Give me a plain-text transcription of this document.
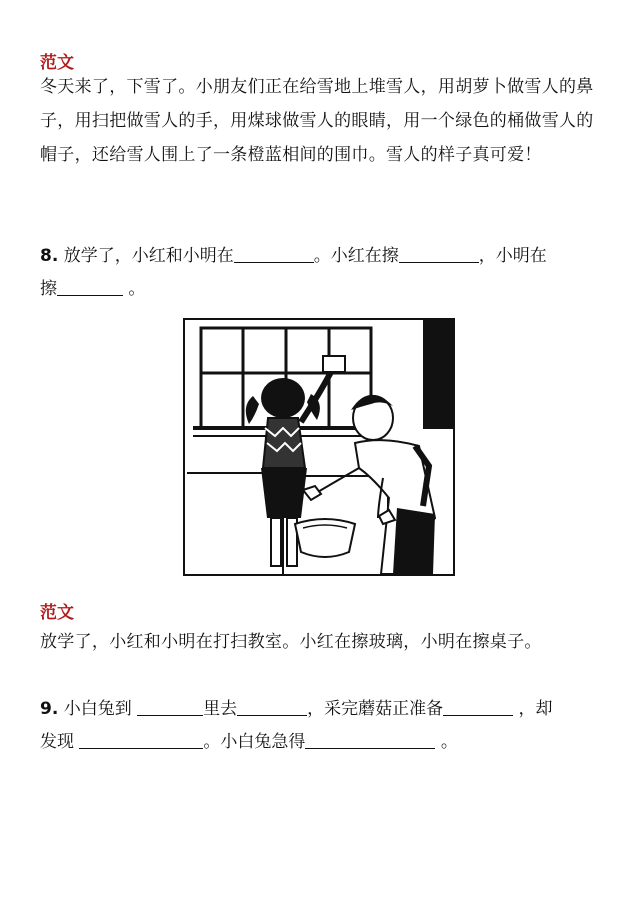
范文
冬天来了，下雪了。小朋友们正在给雪地上堆雪人，用胡萝卜做雪人的鼻子，用扫把做雪人的手，用煤球做雪人的眼睛，用一个绿色的桶做雪人的帽子，还给雪人围上了一条橙蓝相间的围巾。雪人的样子真可爱！
8. 放学了，小红和小明在	。小红在擦	，小明在
擦	。
范文
放学了，小红和小明在打扫教室。小红在擦玻璃，小明在擦桌子。
9. 小白兔到	里去	，采完蘑菇正准备	，却
发现	。小白兔急得	。
